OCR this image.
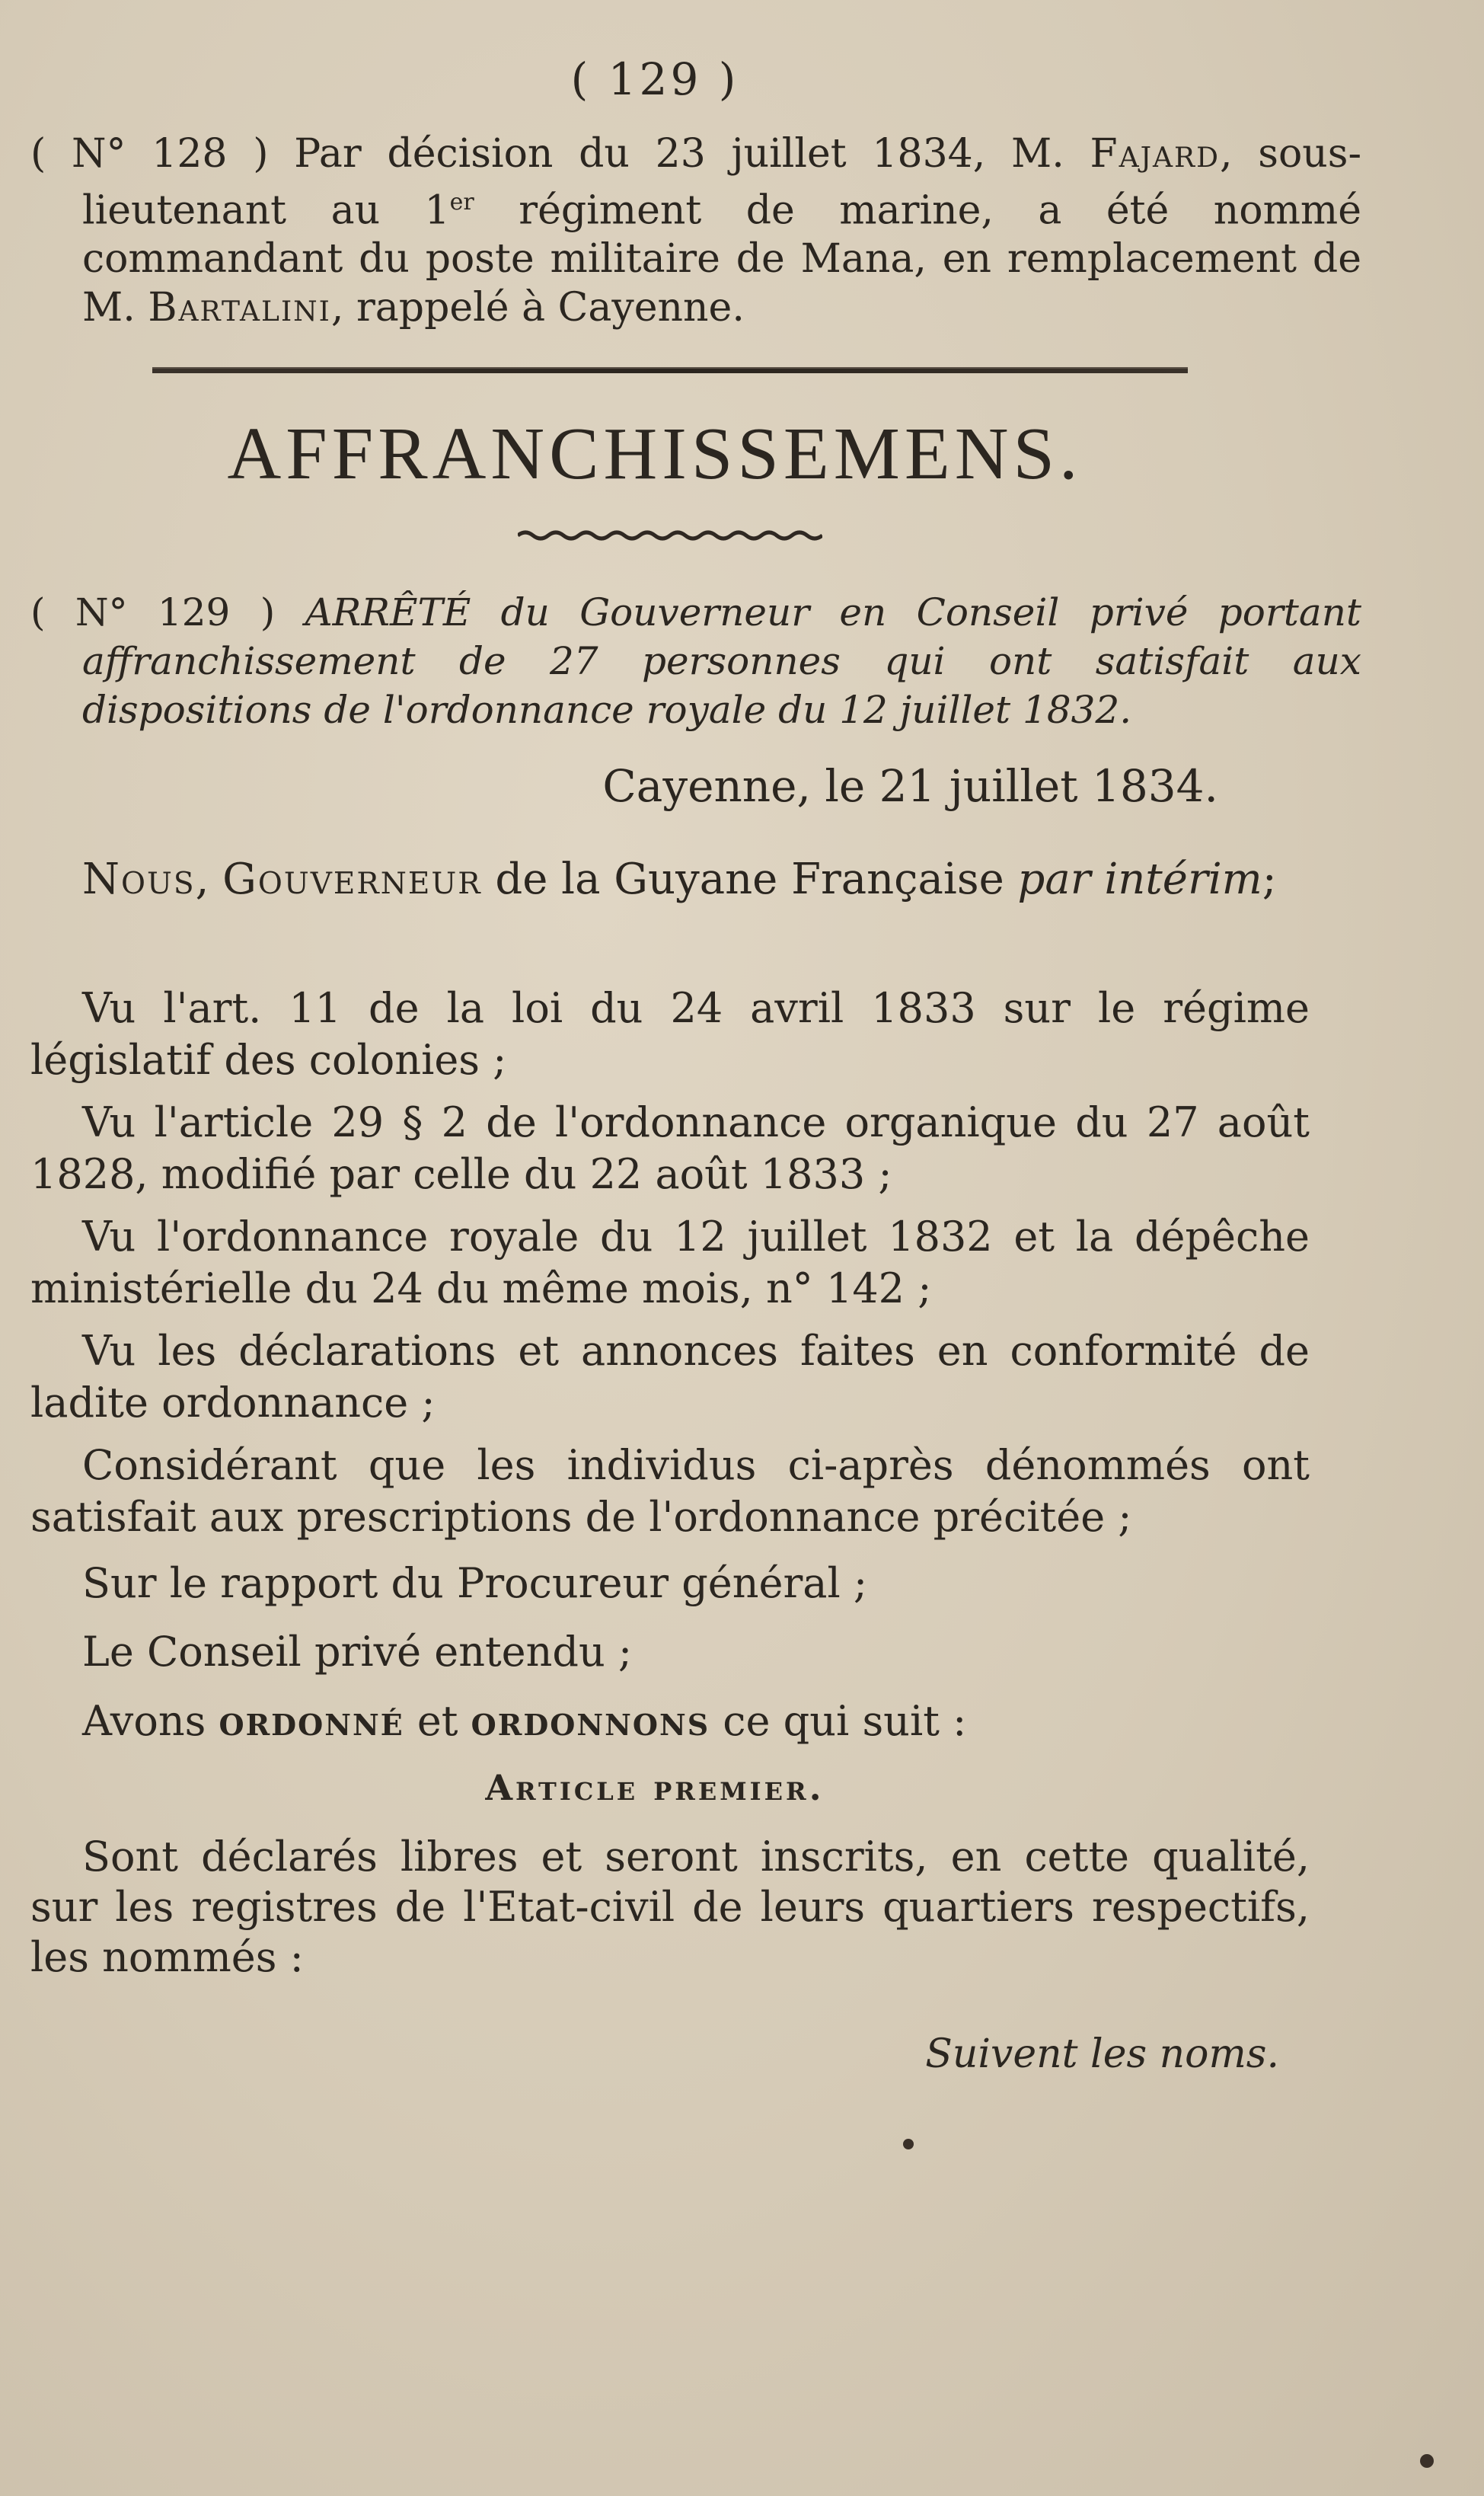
( 129 )
( N° 128 ) Par décision du 23 juillet 1834, M. Fajard, sous-lieutenant au 1er régiment de marine, a été nommé commandant du poste militaire de Mana, en remplacement de M. Bartalini, rappelé à Cayenne.
AFFRANCHISSEMENS.
( N° 129 ) ARRÊTÉ du Gouverneur en Conseil privé portant affranchissement de 27 personnes qui ont satisfait aux dispositions de l'ordonnance royale du 12 juillet 1832.
Cayenne, le 21 juillet 1834.
Nous, Gouverneur de la Guyane Française par intérim;
Vu l'art. 11 de la loi du 24 avril 1833 sur le régime législatif des colonies ;
Vu l'article 29 § 2 de l'ordonnance organique du 27 août 1828, modifié par celle du 22 août 1833 ;
Vu l'ordonnance royale du 12 juillet 1832 et la dépêche ministérielle du 24 du même mois, n° 142 ;
Vu les déclarations et annonces faites en conformité de ladite ordonnance ;
Considérant que les individus ci-après dénommés ont satisfait aux prescriptions de l'ordonnance précitée ;
Sur le rapport du Procureur général ;
Le Conseil privé entendu ;
Avons ordonné et ordonnons ce qui suit :
Article premier.
Sont déclarés libres et seront inscrits, en cette qualité, sur les registres de l'Etat-civil de leurs quartiers respectifs, les nommés :
Suivent les noms.
